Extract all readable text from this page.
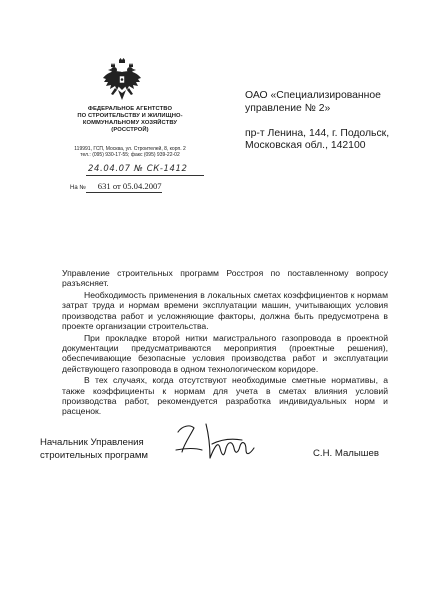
ФЕДЕРАЛЬНОЕ АГЕНТСТВО
ПО СТРОИТЕЛЬСТВУ И ЖИЛИЩНО-
КОММУНАЛЬНОМУ ХОЗЯЙСТВУ
(РОССТРОЙ)
119991, ГСП, Москва, ул. Строителей, 8, корп. 2
тел.: (095) 930-17-55; факс (095) 939-22-02
24.04.07 № СК-1412
На № 631 от 05.04.2007
ОАО «Специализированное
управление № 2»
пр-т Ленина, 144, г. Подольск,
Московская обл., 142100

Управление строительных программ Росстроя по поставленному вопросу разъясняет.

Необходимость применения в локальных сметах коэффициентов к нормам затрат труда и нормам времени эксплуатации машин, учитывающих условия производства работ и усложняющие факторы, должна быть предусмотрена в проекте организации строительства.

При прокладке второй нитки магистрального газопровода в проектной документации предусматриваются мероприятия (проектные решения), обеспечивающие безопасные условия производства работ и эксплуатации действующего газопровода в одном технологическом коридоре.

В тех случаях, когда отсутствуют необходимые сметные нормативы, а также коэффициенты к нормам для учета в сметах влияния условий производства работ, рекомендуется разработка индивидуальных норм и расценок.

Начальник Управления
строительных программ	С.Н. Малышев
